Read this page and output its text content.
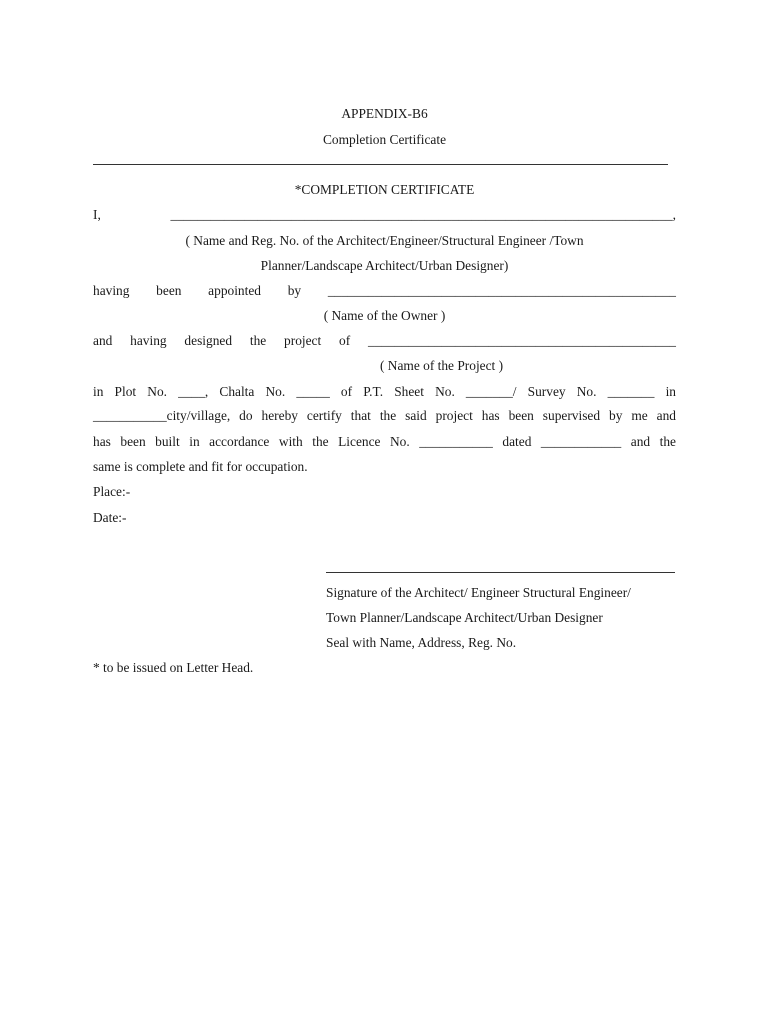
APPENDIX-B6
Completion Certificate
*COMPLETION CERTIFICATE
I, ___________________________________________________________________________,
( Name and Reg. No. of the Architect/Engineer/Structural Engineer /Town
Planner/Landscape Architect/Urban Designer)
having been appointed by ____________________________________________________
( Name of the Owner )
and having designed the project of ______________________________________________
( Name of the Project )
in Plot No. ____, Chalta No. _____ of P.T. Sheet No. _______/ Survey No. _______ in
___________city/village, do hereby certify that the said project has been supervised by me and
has been built in accordance with the Licence No. ___________ dated ____________ and the
same is complete and fit for occupation.
Place:-
Date:-
Signature of the Architect/ Engineer Structural Engineer/
Town Planner/Landscape Architect/Urban Designer
Seal with Name, Address, Reg. No.
* to be issued on Letter Head.
